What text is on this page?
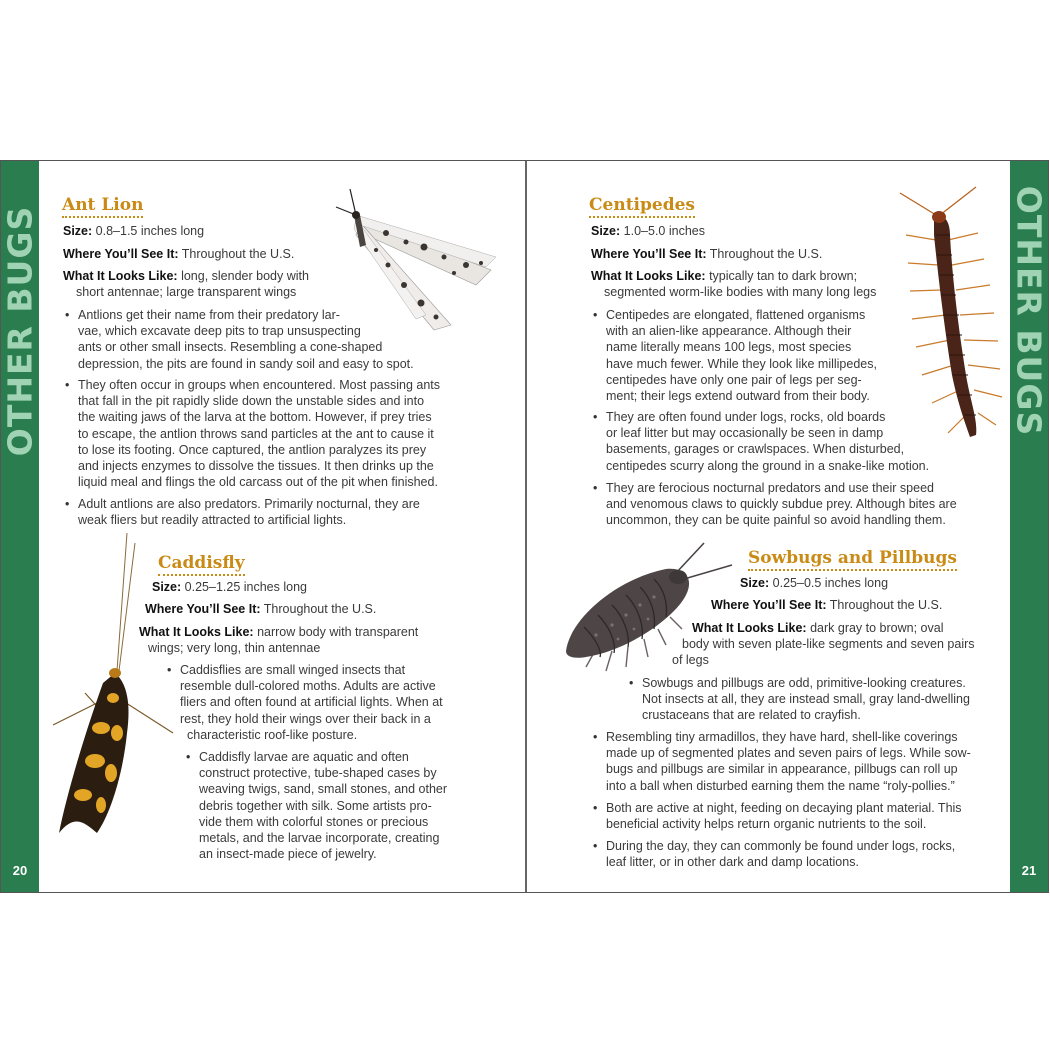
OTHER BUGS
20
OTHER BUGS
21
Ant Lion
Size: 0.8–1.5 inches long
Where You’ll See It: Throughout the U.S.
What It Looks Like: long, slender body with
short antennae; large transparent wings
• Antlions get their name from their predatory lar-
vae, which excavate deep pits to trap unsuspecting
ants or other small insects. Resembling a cone-shaped
depression, the pits are found in sandy soil and easy to spot.
• They often occur in groups when encountered. Most passing ants
that fall in the pit rapidly slide down the unstable sides and into
the waiting jaws of the larva at the bottom. However, if prey tries
to escape, the antlion throws sand particles at the ant to cause it
to lose its footing. Once captured, the antlion paralyzes its prey
and injects enzymes to dissolve the tissues. It then drinks up the
liquid meal and flings the old carcass out of the pit when finished.
• Adult antlions are also predators. Primarily nocturnal, they are
weak fliers but readily attracted to artificial lights.
Caddisfly
Size: 0.25–1.25 inches long
Where You’ll See It: Throughout the U.S.
What It Looks Like: narrow body with transparent
wings; very long, thin antennae
• Caddisflies are small winged insects that
resemble dull-colored moths. Adults are active
fliers and often found at artificial lights. When at
rest, they hold their wings over their back in a
characteristic roof-like posture.
• Caddisfly larvae are aquatic and often
construct protective, tube-shaped cases by
weaving twigs, sand, small stones, and other
debris together with silk. Some artists pro-
vide them with colorful stones or precious
metals, and the larvae incorporate, creating
an insect-made piece of jewelry.
Centipedes
Size: 1.0–5.0 inches
Where You’ll See It: Throughout the U.S.
What It Looks Like: typically tan to dark brown;
segmented worm-like bodies with many long legs
• Centipedes are elongated, flattened organisms
with an alien-like appearance. Although their
name literally means 100 legs, most species
have much fewer. While they look like millipedes,
centipedes have only one pair of legs per seg-
ment; their legs extend outward from their body.
• They are often found under logs, rocks, old boards
or leaf litter but may occasionally be seen in damp
basements, garages or crawlspaces. When disturbed,
centipedes scurry along the ground in a snake-like motion.
• They are ferocious nocturnal predators and use their speed
and venomous claws to quickly subdue prey. Although bites are
uncommon, they can be quite painful so avoid handling them.
Sowbugs and Pillbugs
Size: 0.25–0.5 inches long
Where You’ll See It: Throughout the U.S.
What It Looks Like: dark gray to brown; oval
body with seven plate-like segments and seven pairs
of legs
• Sowbugs and pillbugs are odd, primitive-looking creatures.
Not insects at all, they are instead small, gray land-dwelling
crustaceans that are related to crayfish.
• Resembling tiny armadillos, they have hard, shell-like coverings
made up of segmented plates and seven pairs of legs. While sow-
bugs and pillbugs are similar in appearance, pillbugs can roll up
into a ball when disturbed earning them the name “roly-pollies.”
• Both are active at night, feeding on decaying plant material. This
beneficial activity helps return organic nutrients to the soil.
• During the day, they can commonly be found under logs, rocks,
leaf litter, or in other dark and damp locations.
